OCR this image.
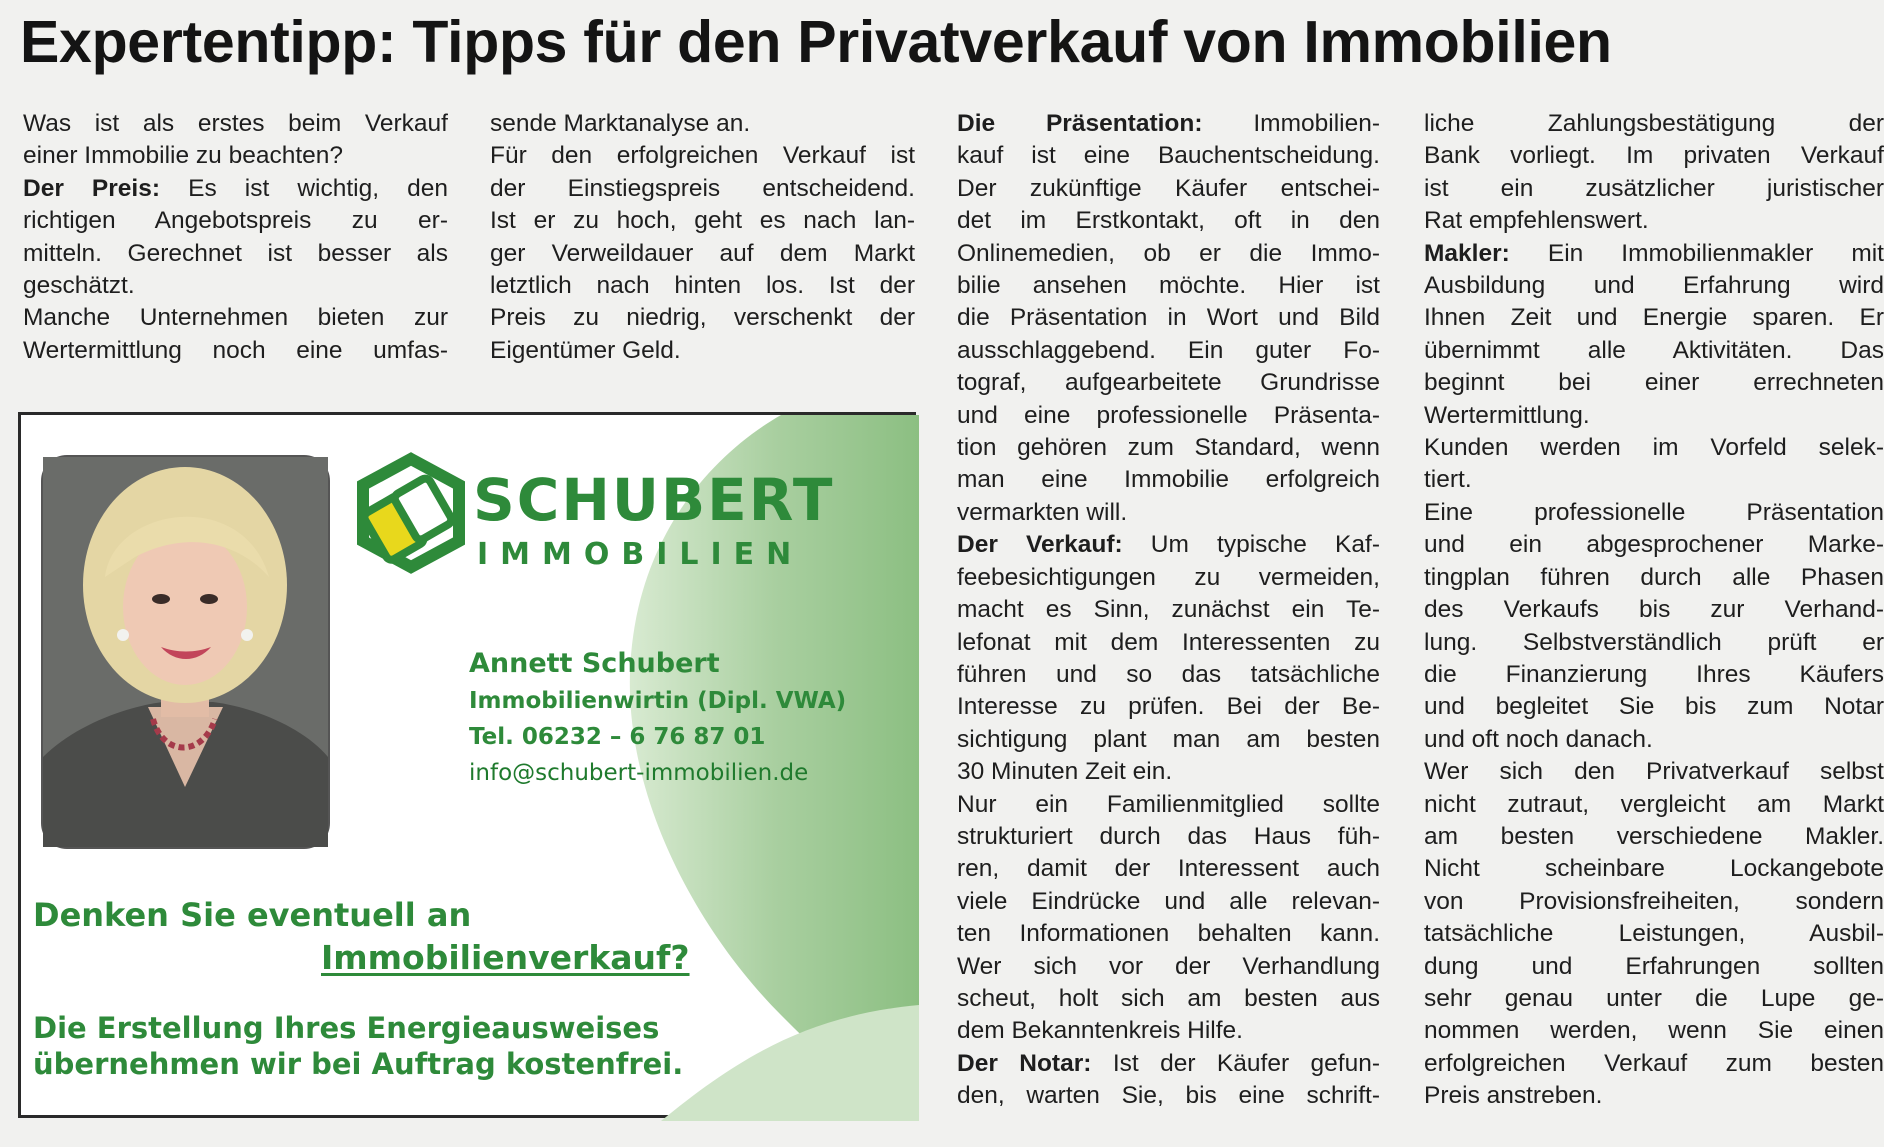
Expertentipp: Tipps für den Privatverkauf von Immobilien

Was ist als erstes beim Verkauf
einer Immobilie zu beachten?

Der Preis: Es ist wichtig, den
richtigen Angebotspreis zu er-
mitteln. Gerechnet ist besser als
geschätzt.

Manche Unternehmen bieten zur
Wertermittlung noch eine umfas-

sende Marktanalyse an.

Für den erfolgreichen Verkauf ist
der Einstiegspreis entscheidend.
Ist er zu hoch, geht es nach lan-
ger Verweildauer auf dem Markt
letztlich nach hinten los. Ist der
Preis zu niedrig, verschenkt der
Eigentümer Geld.

Die Präsentation: Immobilien-
kauf ist eine Bauchentscheidung.
Der zukünftige Käufer entschei-
det im Erstkontakt, oft in den
Onlinemedien, ob er die Immo-
bilie ansehen möchte. Hier ist
die Präsentation in Wort und Bild
ausschlaggebend. Ein guter Fo-
tograf, aufgearbeitete Grundrisse
und eine professionelle Präsenta-
tion gehören zum Standard, wenn
man eine Immobilie erfolgreich
vermarkten will.

Der Verkauf: Um typische Kaf-
feebesichtigungen zu vermeiden,
macht es Sinn, zunächst ein Te-
lefonat mit dem Interessenten zu
führen und so das tatsächliche
Interesse zu prüfen. Bei der Be-
sichtigung plant man am besten
30 Minuten Zeit ein.

Nur ein Familienmitglied sollte
strukturiert durch das Haus füh-
ren, damit der Interessent auch
viele Eindrücke und alle relevan-
ten Informationen behalten kann.
Wer sich vor der Verhandlung
scheut, holt sich am besten aus
dem Bekanntenkreis Hilfe.

Der Notar: Ist der Käufer gefun-
den, warten Sie, bis eine schrift-

liche Zahlungsbestätigung der
Bank vorliegt. Im privaten Verkauf
ist ein zusätzlicher juristischer
Rat empfehlenswert.

Makler: Ein Immobilienmakler mit
Ausbildung und Erfahrung wird
Ihnen Zeit und Energie sparen. Er
übernimmt alle Aktivitäten. Das
beginnt bei einer errechneten
Wertermittlung.

Kunden werden im Vorfeld selek-
tiert.

Eine professionelle Präsentation
und ein abgesprochener Marke-
tingplan führen durch alle Phasen
des Verkaufs bis zur Verhand-
lung. Selbstverständlich prüft er
die Finanzierung Ihres Käufers
und begleitet Sie bis zum Notar
und oft noch danach.

Wer sich den Privatverkauf selbst
nicht zutraut, vergleicht am Markt
am besten verschiedene Makler.
Nicht scheinbare Lockangebote
von Provisionsfreiheiten, sondern
tatsächliche Leistungen, Ausbil-
dung und Erfahrungen sollten
sehr genau unter die Lupe ge-
nommen werden, wenn Sie einen
erfolgreichen Verkauf zum besten
Preis anstreben.

SCHUBERT

IMMOBILIEN

Annett Schubert
Immobilienwirtin (Dipl. VWA)
Tel. 06232 – 6 76 87 01
info@schubert-immobilien.de

Denken Sie eventuell an

Immobilienverkauf?

Die Erstellung Ihres Energieausweises
übernehmen wir bei Auftrag kostenfrei.
